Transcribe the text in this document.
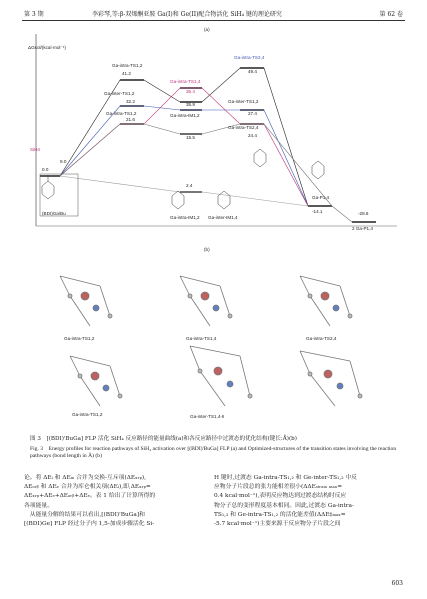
第 3 期	李彩琴,等:β-双烯酮亚胺 Ga(I)和 Ge(II)配合物活化 SiH₄ 键的理论研究	第 62 卷
(a)
ΔGsol/(kcal·mol⁻¹)
Ga-intra-TS1,2
41.2
Ga-inter-TS1,2
32.2
Ga-intra-TS1,2
21.6
0.0
9.0
SiH4
(BDI)Ga/Bu
Ga-intra-TS1,4
36.4
35.9
Ga-intra-IM1,2
15.5
2.4
Ga-intra-IM1,2
Ga-intra-TS2,4
49.4
Ga-inter-TS1,2
27.4
Ga-intra-TS2,4
24.4
Ga-inter-IM1,4
Ga-P1,4
-14.1	-28.6
2 Ga-P1,4
(b)
Ga-intra-TS1,2	Ga-intra-TS1,4	Ga-intra-TS2,4
Ga-intra-TS1,2	Ga-inter-TS1,4-II
图 3　[(BDI)'BuGa] FLP 活化 SiH₄ 反应路径的能量曲线(a)和各反应路径中过渡态的优化结构(键长:Å)(b)
Fig. 3　Energy profiles for reaction pathways of SiH₄ activation over [(BDI)'BuGa] FLP (a) and Optimized-structures of the transition states involving the reaction pathways (bond length in Å) (b)
论。将 ΔEᵢ 和 ΔEₘ 合并为交换-互斥项(ΔEₓᵣₚ),
ΔEₒᵣᵦ 和 ΔEₑ 合并为库仑相关项(ΔEᵢ),即,ΔEₓᵣₚ=
ΔEₓᵣₚ+ΔEₑ+ΔEₒᵣᵦ+ΔEₑ。表 1 给出了计算所得的
各项能量。
　从能量分解的结果可以看出,[(BDI)'BuGa]和
[(BDI)Ge] FLP 经过分子内 1,5-加成步骤活化 Si-
H 键时,过渡态 Ga-intra-TS₁,₂ 和 Ge-inter-TS₁,₂ 中反
应物分子片段总的张力能相差很小(ΔΔEₛₜᵣₐᵢₙ ₘₐₓ=
0.4 kcal·mol⁻¹),表明反应物达到过渡态结构时反应
物分子总的变形程度基本相同。因此,过渡态 Ga-intra-
TS₁,₂ 和 Ge-intra-TS₁,₂ 的活化能差值(ΔΔE‡ₘₐₓ=
-5.7 kcal·mol⁻¹)主要来源于反应物分子片段之间
603
